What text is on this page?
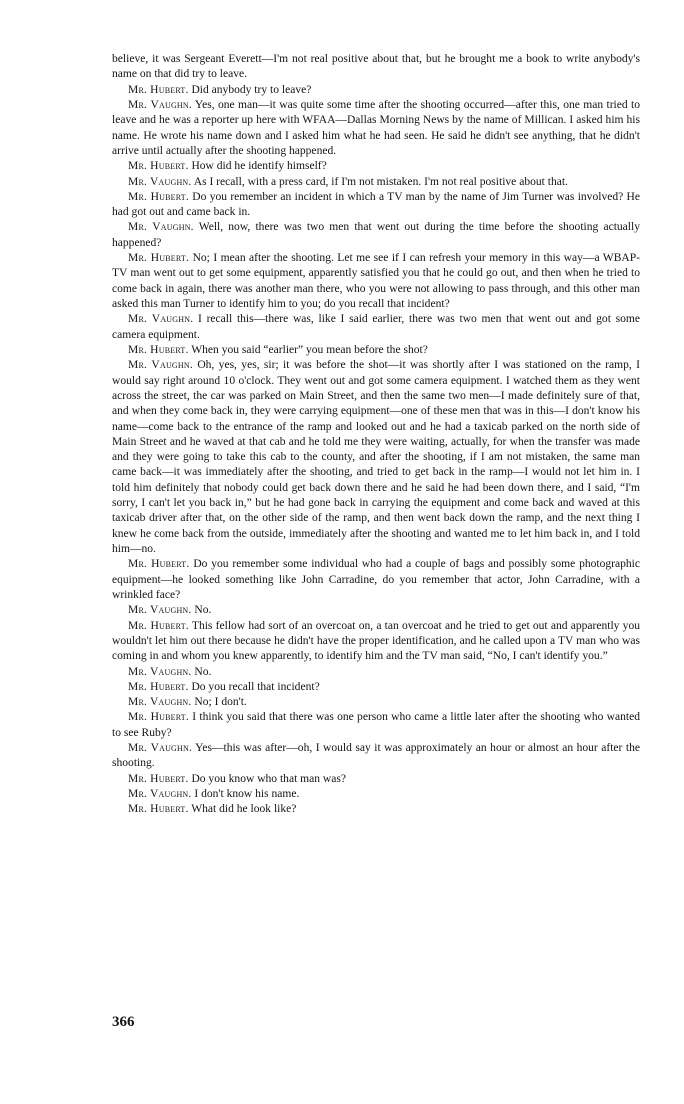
believe, it was Sergeant Everett—I'm not real positive about that, but he brought me a book to write anybody's name on that did try to leave.

Mr. Hubert. Did anybody try to leave?

Mr. Vaughn. Yes, one man—it was quite some time after the shooting occurred—after this, one man tried to leave and he was a reporter up here with WFAA—Dallas Morning News by the name of Millican. I asked him his name. He wrote his name down and I asked him what he had seen. He said he didn't see anything, that he didn't arrive until actually after the shooting happened.

Mr. Hubert. How did he identify himself?

Mr. Vaughn. As I recall, with a press card, if I'm not mistaken. I'm not real positive about that.

Mr. Hubert. Do you remember an incident in which a TV man by the name of Jim Turner was involved? He had got out and came back in.

Mr. Vaughn. Well, now, there was two men that went out during the time before the shooting actually happened?

Mr. Hubert. No; I mean after the shooting. Let me see if I can refresh your memory in this way—a WBAP-TV man went out to get some equipment, apparently satisfied you that he could go out, and then when he tried to come back in again, there was another man there, who you were not allowing to pass through, and this other man asked this man Turner to identify him to you; do you recall that incident?

Mr. Vaughn. I recall this—there was, like I said earlier, there was two men that went out and got some camera equipment.

Mr. Hubert. When you said “earlier” you mean before the shot?

Mr. Vaughn. Oh, yes, yes, sir; it was before the shot—it was shortly after I was stationed on the ramp, I would say right around 10 o'clock. They went out and got some camera equipment. I watched them as they went across the street, the car was parked on Main Street, and then the same two men—I made definitely sure of that, and when they come back in, they were carrying equipment—one of these men that was in this—I don't know his name—come back to the entrance of the ramp and looked out and he had a taxicab parked on the north side of Main Street and he waved at that cab and he told me they were waiting, actually, for when the transfer was made and they were going to take this cab to the county, and after the shooting, if I am not mistaken, the same man came back—it was immediately after the shooting, and tried to get back in the ramp—I would not let him in. I told him definitely that nobody could get back down there and he said he had been down there, and I said, “I'm sorry, I can't let you back in,” but he had gone back in carrying the equipment and come back and waved at this taxicab driver after that, on the other side of the ramp, and then went back down the ramp, and the next thing I knew he come back from the outside, immediately after the shooting and wanted me to let him back in, and I told him—no.

Mr. Hubert. Do you remember some individual who had a couple of bags and possibly some photographic equipment—he looked something like John Carradine, do you remember that actor, John Carradine, with a wrinkled face?

Mr. Vaughn. No.

Mr. Hubert. This fellow had sort of an overcoat on, a tan overcoat and he tried to get out and apparently you wouldn't let him out there because he didn't have the proper identification, and he called upon a TV man who was coming in and whom you knew apparently, to identify him and the TV man said, “No, I can't identify you.”

Mr. Vaughn. No.

Mr. Hubert. Do you recall that incident?

Mr. Vaughn. No; I don't.

Mr. Hubert. I think you said that there was one person who came a little later after the shooting who wanted to see Ruby?

Mr. Vaughn. Yes—this was after—oh, I would say it was approximately an hour or almost an hour after the shooting.

Mr. Hubert. Do you know who that man was?

Mr. Vaughn. I don't know his name.

Mr. Hubert. What did he look like?

366
